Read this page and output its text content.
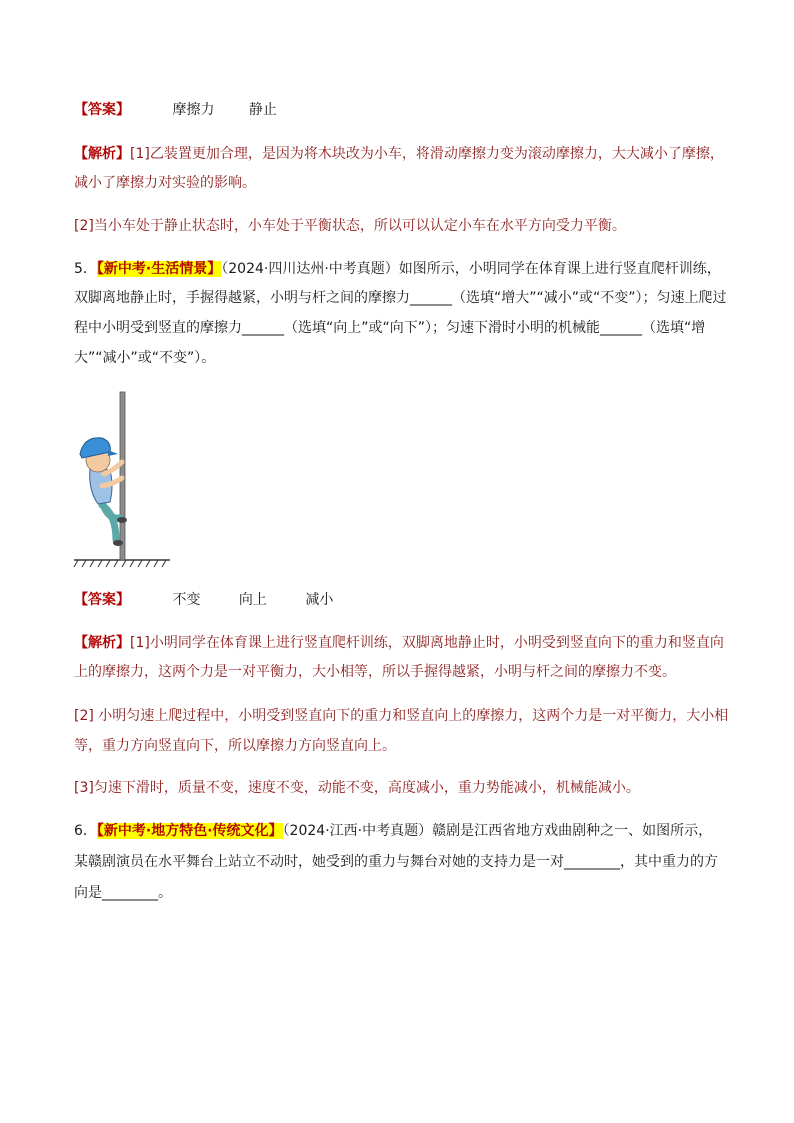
【答案】	摩擦力 静止
【解析】[1]乙装置更加合理，是因为将木块改为小车，将滑动摩擦力变为滚动摩擦力，大大减小了摩擦，
减小了摩擦力对实验的影响。
[2]当小车处于静止状态时，小车处于平衡状态，所以可以认定小车在水平方向受力平衡。
5．【新中考·生活情景】（2024·四川达州·中考真题）如图所示，小明同学在体育课上进行竖直爬杆训练，
双脚离地静止时，手握得越紧，小明与杆之间的摩擦力______（选填“增大”“减小”或“不变”）；匀速上爬过
程中小明受到竖直的摩擦力______（选填“向上”或“向下”）；匀速下滑时小明的机械能______（选填“增
大”“减小”或“不变”）。
【答案】	不变	向上	减小
【解析】[1]小明同学在体育课上进行竖直爬杆训练，双脚离地静止时，小明受到竖直向下的重力和竖直向
上的摩擦力，这两个力是一对平衡力，大小相等，所以手握得越紧，小明与杆之间的摩擦力不变。
[2] 小明匀速上爬过程中，小明受到竖直向下的重力和竖直向上的摩擦力，这两个力是一对平衡力，大小相
等，重力方向竖直向下，所以摩擦力方向竖直向上。
[3]匀速下滑时，质量不变，速度不变，动能不变，高度减小，重力势能减小，机械能减小。
6．【新中考·地方特色·传统文化】（2024·江西·中考真题）赣剧是江西省地方戏曲剧种之一、如图所示，
某赣剧演员在水平舞台上站立不动时，她受到的重力与舞台对她的支持力是一对________，其中重力的方
向是________。
